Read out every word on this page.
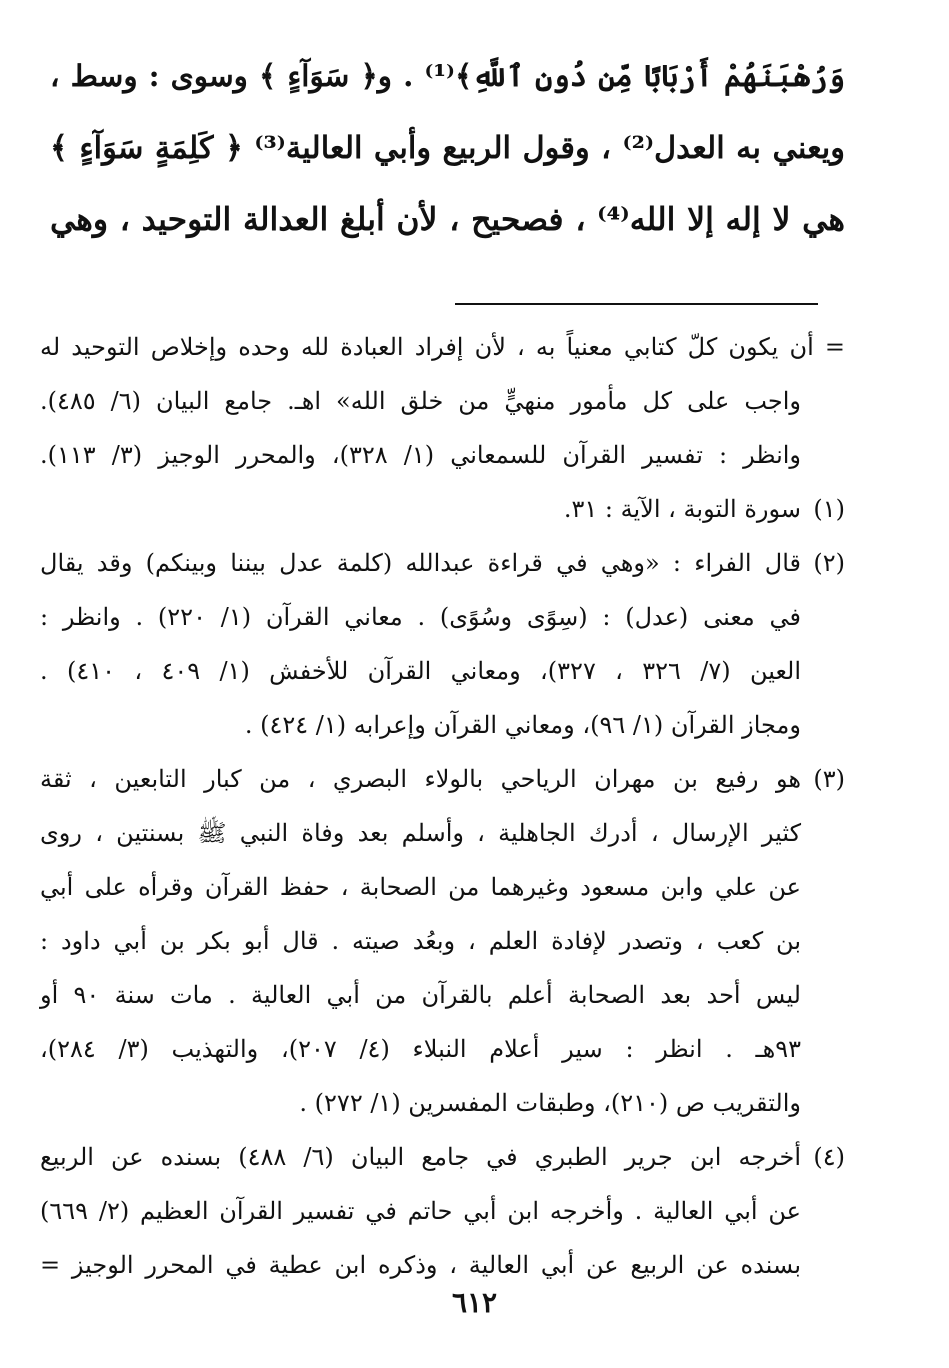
وَرُهْبَنَهُمْ أَرْبَابًا مِّن دُونِ ٱللَّهِ﴾⁽¹⁾ . و﴿ سَوَآءٍ ﴾ وسوى : وسط ،
ويعني به العدل⁽²⁾ ، وقول الربيع وأبي العالية⁽³⁾ ﴿ كَلِمَةٍ سَوَآءٍ ﴾
هي لا إله إلا الله⁽⁴⁾ ، فصحيح ، لأن أبلغ العدالة التوحيد ، وهي
= أن يكون كلّ كتابي معنياً به ، لأن إفراد العبادة لله وحده وإخلاص التوحيد له
واجب على كل مأمور منهيٍّ من خلق الله» اهـ. جامع البيان (٦/ ٤٨٥).
وانظر : تفسير القرآن للسمعاني (١/ ٣٢٨)، والمحرر الوجيز (٣/ ١١٣).
(١)سورة التوبة ، الآية : ٣١.
(٢)قال الفراء : «وهي في قراءة عبدالله (كلمة عدل بيننا وبينكم) وقد يقال
في معنى (عدل) : (سِوًى وسُوًى) . معاني القرآن (١/ ٢٢٠) . وانظر :
العين (٧/ ٣٢٦ ، ٣٢٧)، ومعاني القرآن للأخفش (١/ ٤٠٩ ، ٤١٠) .
ومجاز القرآن (١/ ٩٦)، ومعاني القرآن وإعرابه (١/ ٤٢٤) .
(٣)هو رفيع بن مهران الرياحي بالولاء البصري ، من كبار التابعين ، ثقة
كثير الإرسال ، أدرك الجاهلية ، وأسلم بعد وفاة النبي ﷺ بسنتين ، روى
عن علي وابن مسعود وغيرهما من الصحابة ، حفظ القرآن وقرأه على أبي
بن كعب ، وتصدر لإفادة العلم ، وبعُد صيته . قال أبو بكر بن أبي داود :
ليس أحد بعد الصحابة أعلم بالقرآن من أبي العالية . مات سنة ٩٠ أو
٩٣هـ . انظر : سير أعلام النبلاء (٤/ ٢٠٧)، والتهذيب (٣/ ٢٨٤)،
والتقريب ص (٢١٠)، وطبقات المفسرين (١/ ٢٧٢) .
(٤)أخرجه ابن جرير الطبري في جامع البيان (٦/ ٤٨٨) بسنده عن الربيع
عن أبي العالية . وأخرجه ابن أبي حاتم في تفسير القرآن العظيم (٢/ ٦٦٩)
بسنده عن الربيع عن أبي العالية ، وذكره ابن عطية في المحرر الوجيز =
٦١٢
